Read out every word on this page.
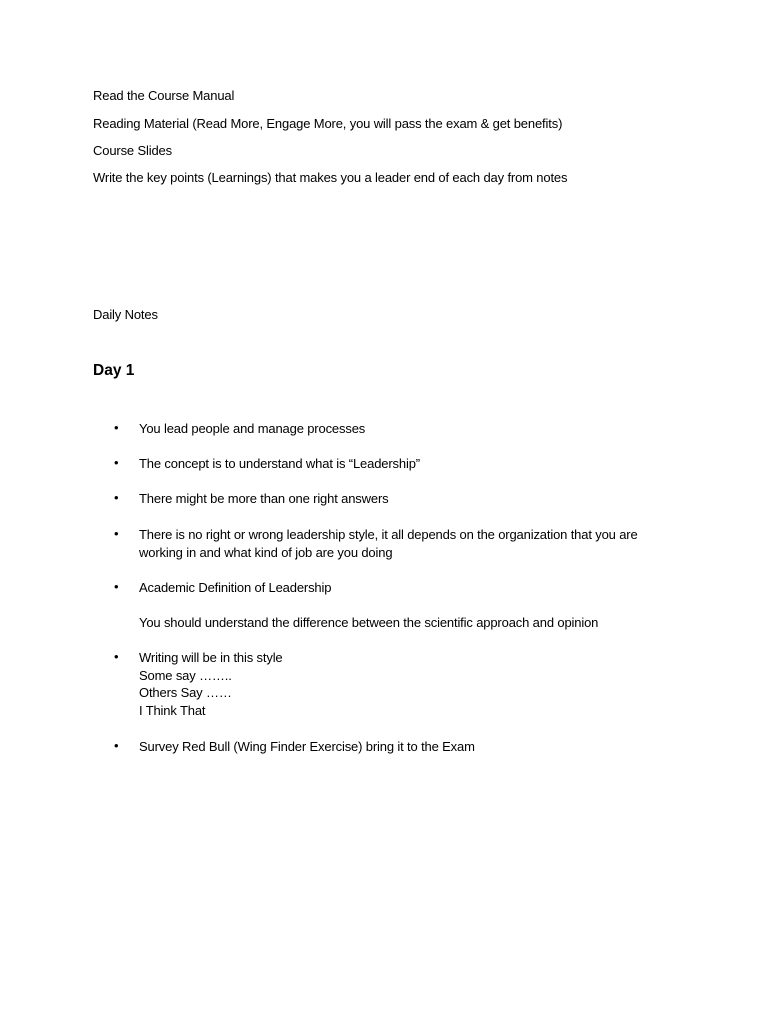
Read the Course Manual
Reading Material (Read More, Engage More, you will pass the exam & get benefits)
Course Slides
Write the key points (Learnings) that makes you a leader end of each day from notes
Daily Notes
Day 1
• You lead people and manage processes
• The concept is to understand what is “Leadership”
• There might be more than one right answers
• There is no right or wrong leadership style, it all depends on the organization that you are
working in and what kind of job are you doing
• Academic Definition of Leadership
You should understand the difference between the scientific approach and opinion
• Writing will be in this style
Some say ……..
Others Say ……
I Think That
• Survey Red Bull (Wing Finder Exercise) bring it to the Exam
